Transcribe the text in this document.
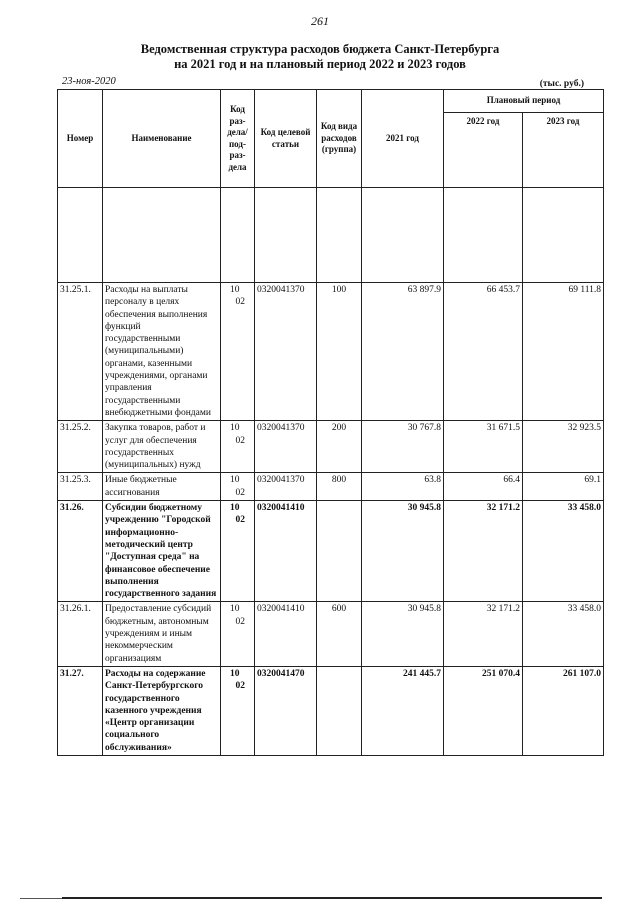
261
Ведомственная структура расходов бюджета Санкт-Петербурга
на 2021 год и на плановый период 2022 и 2023 годов
23-ноя-2020	(тыс. руб.)
Номер	Наименование	Код раз-дела/ под-раз-дела	Код целевой статьи	Код вида расходов (группа)	2021 год	Плановый период	
						2022 год	2023 год

31.25.1.	Расходы на выплаты персоналу в целях обеспечения выполнения функций государственными (муниципальными) органами, казенными учреждениями, органами управления государственными внебюджетными фондами	1002	0320041370	100	63 897.9	66 453.7	69 111.8
31.25.2.	Закупка товаров, работ и услуг для обеспечения государственных (муниципальных) нужд	1002	0320041370	200	30 767.8	31 671.5	32 923.5
31.25.3.	Иные бюджетные ассигнования	1002	0320041370	800	63.8	66.4	69.1
31.26.	Субсидии бюджетному учреждению "Городской информационно-методический центр "Доступная среда" на финансовое обеспечение выполнения государственного задания	1002	0320041410		30 945.8	32 171.2	33 458.0
31.26.1.	Предоставление субсидий бюджетным, автономным учреждениям и иным некоммерческим организациям	1002	0320041410	600	30 945.8	32 171.2	33 458.0
31.27.	Расходы на содержание Санкт-Петербургского государственного казенного учреждения «Центр организации социального обслуживания»	1002	0320041470		241 445.7	251 070.4	261 107.0
